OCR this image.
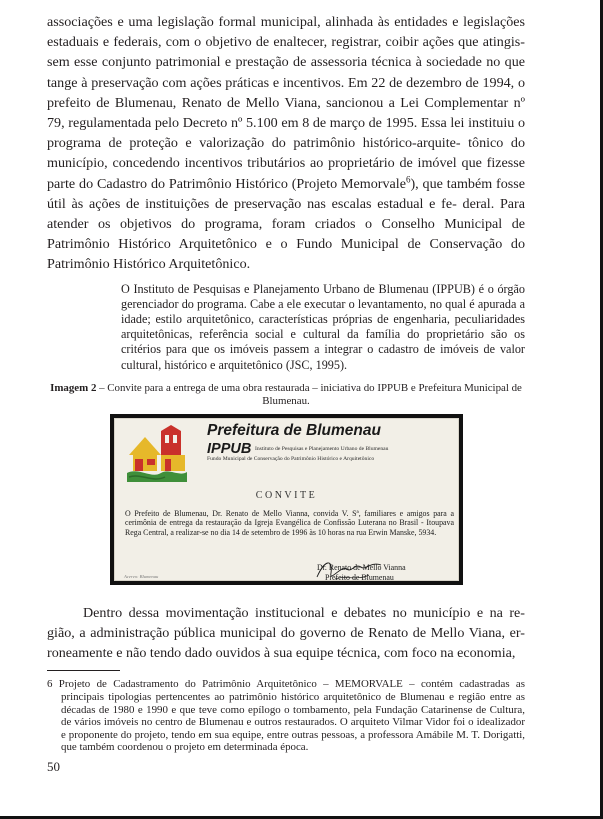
associações e uma legislação formal municipal, alinhada às entidades e legislações estaduais e federais, com o objetivo de enaltecer, registrar, coibir ações que atingis- sem esse conjunto patrimonial e prestação de assessoria técnica à sociedade no que tange à preservação com ações práticas e incentivos. Em 22 de dezembro de 1994, o prefeito de Blumenau, Renato de Mello Viana, sancionou a Lei Complementar nº 79, regulamentada pelo Decreto nº 5.100 em 8 de março de 1995. Essa lei instituiu o programa de proteção e valorização do patrimônio histórico-arquite- tônico do município, concedendo incentivos tributários ao proprietário de imóvel que fizesse parte do Cadastro do Patrimônio Histórico (Projeto Memorvale$^6$), que também fosse útil às ações de instituições de preservação nas escalas estadual e fe- deral. Para atender os objetivos do programa, foram criados o Conselho Municipal de Patrimônio Histórico Arquitetônico e o Fundo Municipal de Conservação do Patrimônio Histórico Arquitetônico.

O Instituto de Pesquisas e Planejamento Urbano de Blumenau (IPPUB) é o órgão gerenciador do programa. Cabe a ele executar o levantamento, no qual é apurada a idade; estilo arquitetônico, características próprias de engenharia, peculiaridades arquitetônicas, referência social e cultural da família do proprietário são os critérios para que os imóveis passem a integrar o cadastro de imóveis de valor cultural, histórico e arquitetônico (JSC, 1995).
Imagem 2 – Convite para a entrega de uma obra restaurada – iniciativa do IPPUB e Prefeitura Municipal de Blumenau.
Prefeitura de Blumenau
IPPUB Instituto de Pesquisas e Planejamento Urbano de Blumenau
Fundo Municipal de Conservação do Patrimônio Histórico e Arquitetônico
CONVITE
O Prefeito de Blumenau, Dr. Renato de Mello Vianna, convida V. Sª, familiares e amigos para a cerimônia de entrega da restauração da Igreja Evangélica de Confissão Luterana no Brasil - Itoupava Rega Central, a realizar-se no dia 14 de setembro de 1996 às 10 horas na rua Erwin Manske, 5934.
Dr. Renato de Mello Vianna
Prefeito de Blumenau
Acervo: Blumenau

Dentro dessa movimentação institucional e debates no município e na re- gião, a administração pública municipal do governo de Renato de Mello Viana, er- roneamente e não tendo dado ouvidos à sua equipe técnica, com foco na economia,

6 Projeto de Cadastramento do Patrimônio Arquitetônico – MEMORVALE – contém cadastradas as principais tipologias pertencentes ao patrimônio histórico arquitetônico de Blumenau e região entre as décadas de 1980 e 1990 e que teve como epílogo o tombamento, pela Fundação Catarinense de Cultura, de vários imóveis no centro de Blumenau e outros restaurados. O arquiteto Vilmar Vidor foi o idealizador e proponente do projeto, tendo em sua equipe, entre outras pessoas, a professora Amábile M. T. Dorigatti, que também coordenou o projeto em determinada época.
50
